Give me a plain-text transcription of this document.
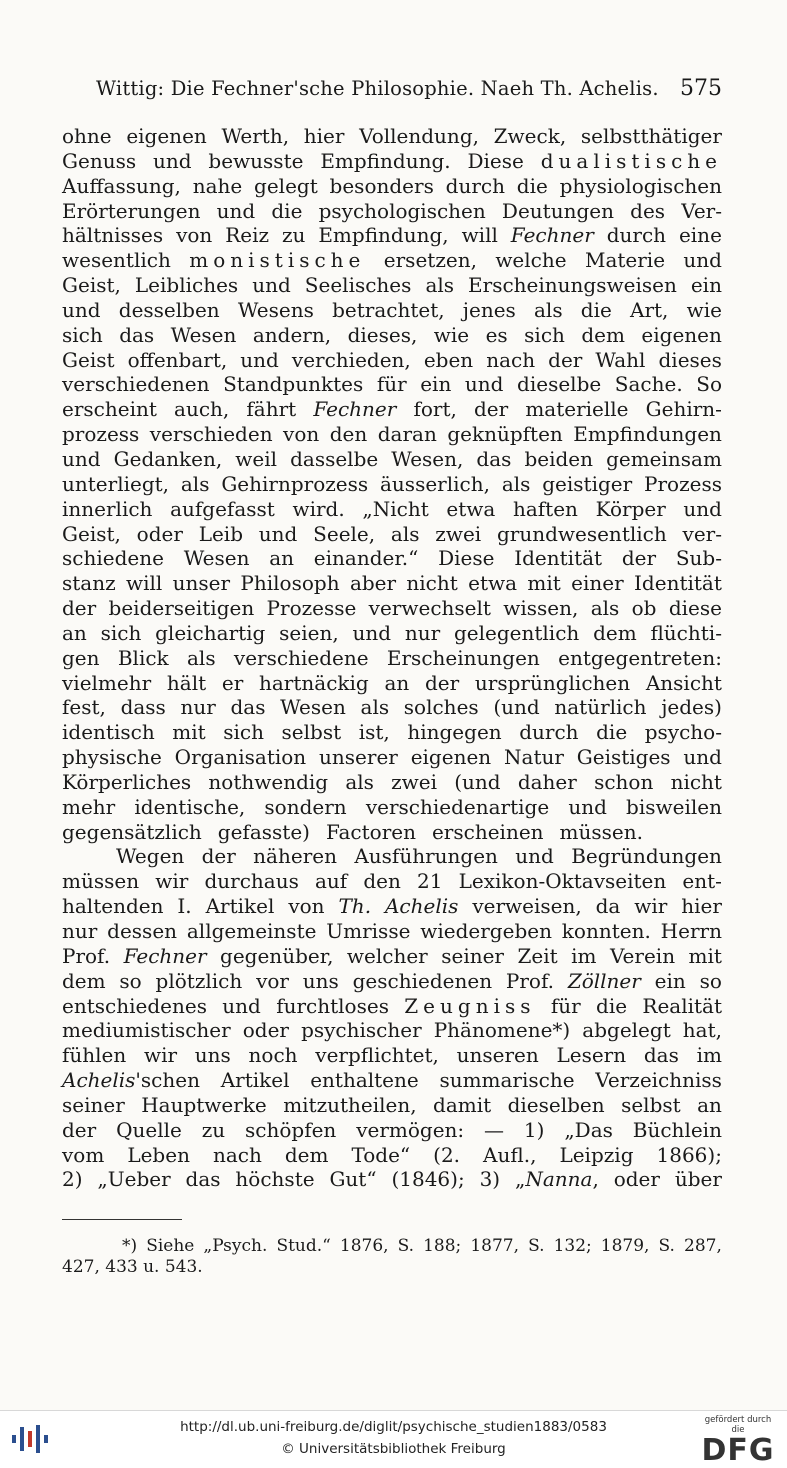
Wittig: Die Fechner'sche Philosophie. Naeh Th. Achelis. 575
ohne eigenen Werth, hier Vollendung, Zweck, selbstthätiger
Genuss und bewusste Empfindung. Diese dualistische
Auffassung, nahe gelegt besonders durch die physiologischen
Erörterungen und die psychologischen Deutungen des Ver-
hältnisses von Reiz zu Empfindung, will Fechner durch eine
wesentlich monistische ersetzen, welche Materie und
Geist, Leibliches und Seelisches als Erscheinungsweisen ein
und desselben Wesens betrachtet, jenes als die Art, wie
sich das Wesen andern, dieses, wie es sich dem eigenen
Geist offenbart, und verchieden, eben nach der Wahl dieses
verschiedenen Standpunktes für ein und dieselbe Sache. So
erscheint auch, fährt Fechner fort, der materielle Gehirn-
prozess verschieden von den daran geknüpften Empfindungen
und Gedanken, weil dasselbe Wesen, das beiden gemeinsam
unterliegt, als Gehirnprozess äusserlich, als geistiger Prozess
innerlich aufgefasst wird. „Nicht etwa haften Körper und
Geist, oder Leib und Seele, als zwei grundwesentlich ver-
schiedene Wesen an einander.“ Diese Identität der Sub-
stanz will unser Philosoph aber nicht etwa mit einer Identität
der beiderseitigen Prozesse verwechselt wissen, als ob diese
an sich gleichartig seien, und nur gelegentlich dem flüchti-
gen Blick als verschiedene Erscheinungen entgegentreten:
vielmehr hält er hartnäckig an der ursprünglichen Ansicht
fest, dass nur das Wesen als solches (und natürlich jedes)
identisch mit sich selbst ist, hingegen durch die psycho-
physische Organisation unserer eigenen Natur Geistiges und
Körperliches nothwendig als zwei (und daher schon nicht
mehr identische, sondern verschiedenartige und bisweilen
gegensätzlich gefasste) Factoren erscheinen müssen.
Wegen der näheren Ausführungen und Begründungen
müssen wir durchaus auf den 21 Lexikon-Oktavseiten ent-
haltenden I. Artikel von Th. Achelis verweisen, da wir hier
nur dessen allgemeinste Umrisse wiedergeben konnten. Herrn
Prof. Fechner gegenüber, welcher seiner Zeit im Verein mit
dem so plötzlich vor uns geschiedenen Prof. Zöllner ein so
entschiedenes und furchtloses Zeugniss für die Realität
mediumistischer oder psychischer Phänomene*) abgelegt hat,
fühlen wir uns noch verpflichtet, unseren Lesern das im
Achelis'schen Artikel enthaltene summarische Verzeichniss
seiner Hauptwerke mitzutheilen, damit dieselben selbst an
der Quelle zu schöpfen vermögen: — 1) „Das Büchlein
vom Leben nach dem Tode“ (2. Aufl., Leipzig 1866);
2) „Ueber das höchste Gut“ (1846); 3) „Nanna, oder über
*) Siehe „Psych. Stud.“ 1876, S. 188; 1877, S. 132; 1879, S. 287,
427, 433 u. 543.
http://dl.ub.uni-freiburg.de/diglit/psychische_studien1883/0583
© Universitätsbibliothek Freiburg
gefördert durch die
DFG
